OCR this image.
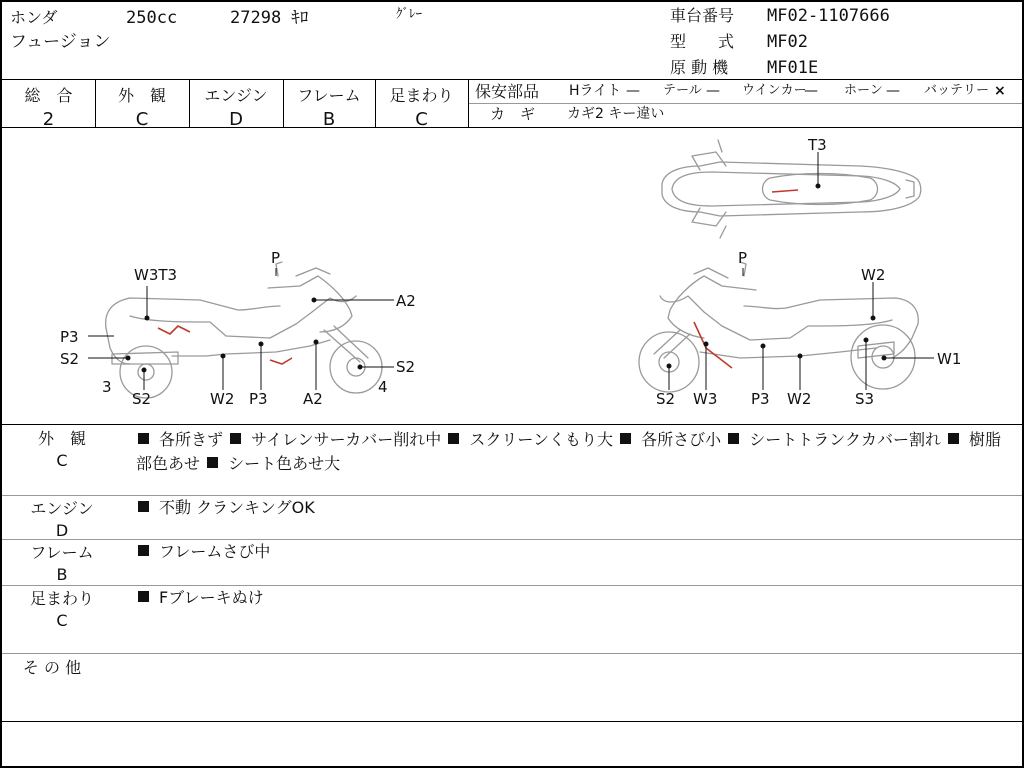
ホンダ	250cc	27298 ｷﾛ	ｸﾞﾚｰ
フュージョン
車台番号 MF02-1107666
型　　式 MF02
原 動 機 MF01E
総　合
2
外　観
C
エンジン
D
フレーム
B
足まわり
C
保安部品 Hライト — テール — ウインカー
— ホーン — バッテリー ×
カ　ギ カギ2 キー違い
T3
P
W3T3
A2
P3
S2	S2
3
S2	W2 P3 A2
4
P
W2
W1
S2 W3 P3 W2	S3
外　観
C
各所きず サイレンサーカバー削れ中 スクリーンくもり大 各所さび小 シートトランクカバー割れ 樹脂部色あせ シート色あせ大
エンジン
D
不動 クランキングOK
フレーム
B
フレームさび中
足まわり
C
Fブレーキぬけ
そ の 他
